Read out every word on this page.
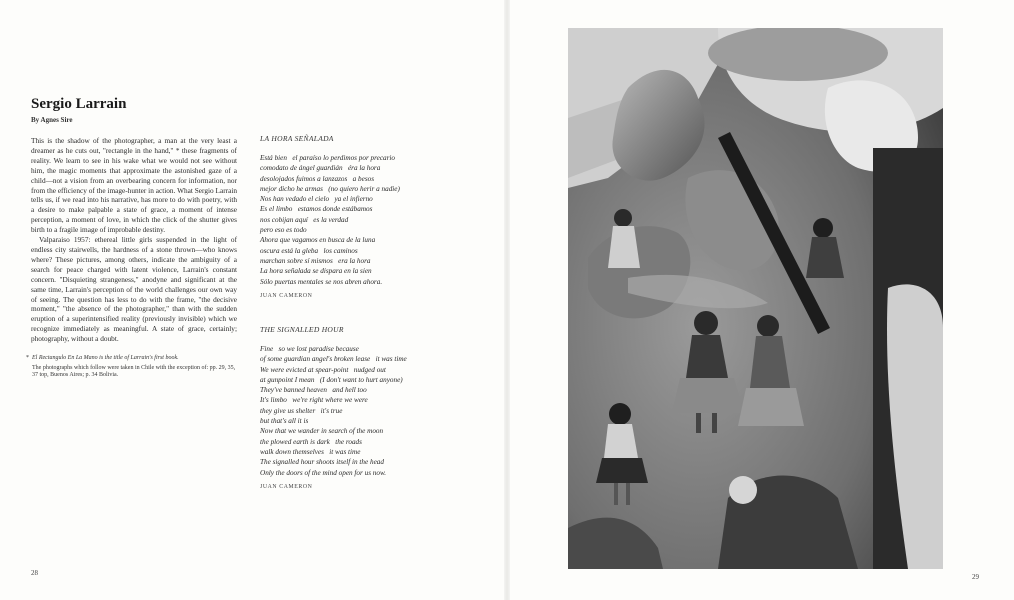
Sergio Larrain
By Agnes Sire

This is the shadow of the photographer, a man at the very least a dreamer as he cuts out, "rectangle in the hand," * these fragments of reality. We learn to see in his wake what we would not see without him, the magic moments that approximate the astonished gaze of a child—not a vision from an overbearing concern for information, nor from the efficiency of the image-hunter in action. What Sergio Larrain tells us, if we read into his narrative, has more to do with poetry, with a desire to make palpable a state of grace, a moment of intense perception, a moment of love, in which the click of the shutter gives birth to a fragile image of improbable destiny.

Valparaiso 1957: ethereal little girls suspended in the light of endless city stairwells, the hardness of a stone thrown—who knows where? These pictures, among others, indicate the ambiguity of a search for peace charged with latent violence, Larrain's constant concern. "Disquieting strangeness," anodyne and significant at the same time, Larrain's perception of the world challenges our own way of seeing. The question has less to do with the frame, "the decisive moment," "the absence of the photographer," than with the sudden eruption of a superintensified reality (previously invisible) which we recognize immediately as meaningful. A state of grace, certainly; photography, without a doubt.

* El Rectangulo En La Mano is the title of Larrain's first book.

The photographs which follow were taken in Chile with the exception of: pp. 29, 35, 37 top, Buenos Aires; p. 34 Bolivia.

LA HORA SEÑALADA
Está bien   el paraíso lo perdimos por precario
comodato de ángel guardián   éra la hora
desolojados fuimos a lanzazos   a besos
mejor dicho he armas   (no quiero herir a nadie)
Nos han vedado el cielo   ya el infierno
Es el limbo   estamos donde estábamos
nos cobijan aquí   es la verdad
pero eso es todo
Ahora que vagamos en busca de la luna
oscura está la gleba   los caminos
marchan sobre sí mismos   era la hora
La hora señalada se dispara en la sien
Sólo puertas mentales se nos abren ahora.
JUAN CAMERON
THE SIGNALLED HOUR
Fine   so we lost paradise because
of some guardian angel's broken lease   it was time
We were evicted at spear-point   nudged out
at gunpoint I mean   (I don't want to hurt anyone)
They've banned heaven   and hell too
It's limbo   we're right where we were
they give us shelter   it's true
but that's all it is
Now that we wander in search of the moon
the plowed earth is dark   the roads
walk down themselves   it was time
The signalled hour shoots itself in the head
Only the doors of the mind open for us now.
JUAN CAMERON
28	29
